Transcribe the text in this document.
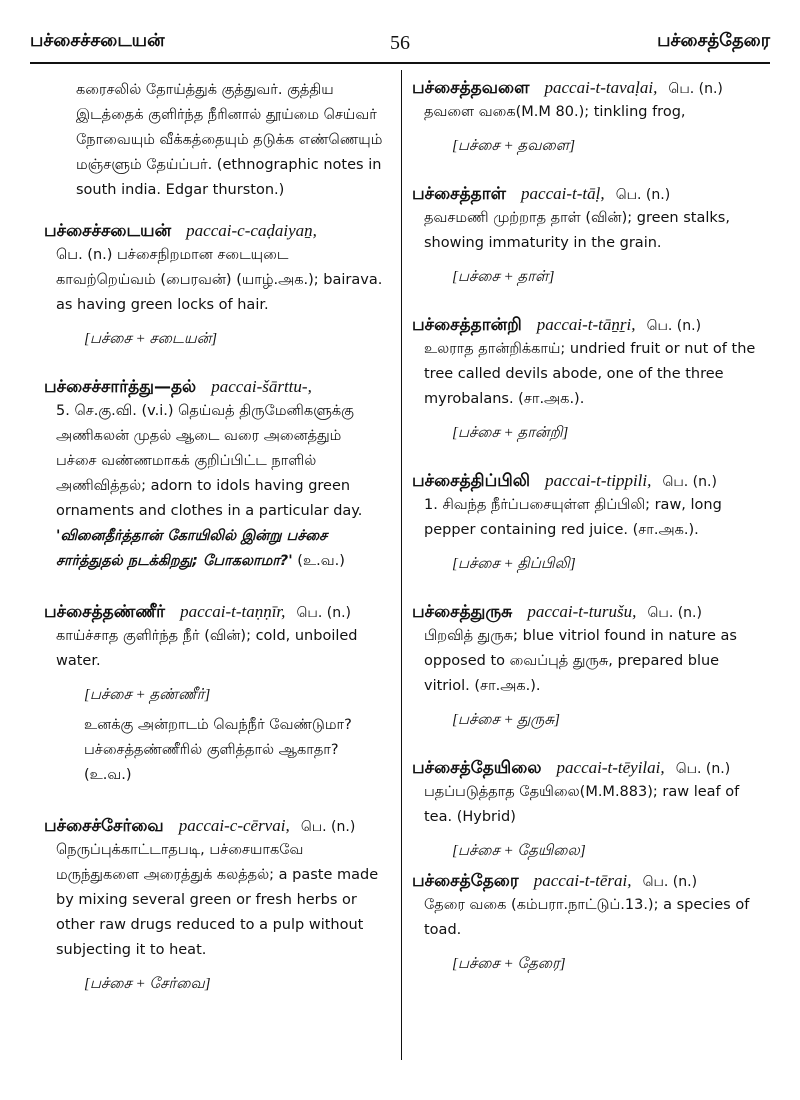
பச்சைச்சடையன்	56	பச்சைத்தேரை
கரைசலில் தோய்த்துக் குத்துவர். குத்திய இடத்தைக் குளிர்ந்த நீரினால் தூய்மை செய்வர் நோவையும் வீக்கத்தையும் தடுக்க எண்ணெயும் மஞ்சளும் தேய்ப்பர். (ethnographic notes in south india. Edgar thurston.)
பச்சைச்சடையன் paccai-c-caḍaiyaṉ,
பெ. (n.) பச்சைநிறமான சடையுடை காவற்றெய்வம் (பைரவன்) (யாழ்.அக.); bairava. as having green locks of hair.
[பச்சை + சடையன்]
பச்சைச்சார்த்து—தல் paccai-šārttu-,
5. செ.கு.வி. (v.i.) தெய்வத் திருமேனிகளுக்கு அணிகலன் முதல் ஆடை வரை அனைத்தும் பச்சை வண்ணமாகக் குறிப்பிட்ட நாளில் அணிவித்தல்; adorn to idols having green ornaments and clothes in a particular day.
'வினைதீர்த்தான் கோயிலில் இன்று பச்சை சார்த்துதல் நடக்கிறது; போகலாமா?' (உ.வ.)
பச்சைத்தண்ணீர் paccai-t-taṇṇīr, பெ. (n.)
காய்ச்சாத குளிர்ந்த நீர் (வின்); cold, unboiled water.
[பச்சை + தண்ணீர்]
உனக்கு அன்றாடம் வெந்நீர் வேண்டுமா? பச்சைத்தண்ணீரில் குளித்தால் ஆகாதா? (உ.வ.)
பச்சைச்சேர்வை paccai-c-cērvai, பெ. (n.)
நெருப்புக்காட்டாதபடி, பச்சையாகவே மருந்துகளை அரைத்துக் கலத்தல்; a paste made by mixing several green or fresh herbs or other raw drugs reduced to a pulp without subjecting it to heat.
[பச்சை + சேர்வை]
பச்சைத்தவளை paccai-t-tavaḷai, பெ. (n.)
தவளை வகை(M.M 80.); tinkling frog,
[பச்சை + தவளை]
பச்சைத்தாள் paccai-t-tāḷ, பெ. (n.)
தவசமணி முற்றாத தாள் (வின்); green stalks, showing immaturity in the grain.
[பச்சை + தாள்]
பச்சைத்தான்றி paccai-t-tāṉṟi, பெ. (n.)
உலராத தான்றிக்காய்; undried fruit or nut of the tree called devils abode, one of the three myrobalans. (சா.அக.).
[பச்சை + தான்றி]
பச்சைத்திப்பிலி paccai-t-tippili, பெ. (n.)
1. சிவந்த நீர்ப்பசையுள்ள திப்பிலி; raw, long pepper containing red juice. (சா.அக.).
[பச்சை + திப்பிலி]
பச்சைத்துருசு paccai-t-turušu, பெ. (n.)
பிறவித் துருசு; blue vitriol found in nature as opposed to வைப்புத் துருசு, prepared blue vitriol. (சா.அக.).
[பச்சை + துருசு]
பச்சைத்தேயிலை paccai-t-tēyilai, பெ. (n.)
பதப்படுத்தாத தேயிலை(M.M.883); raw leaf of tea. (Hybrid)
[பச்சை + தேயிலை]
பச்சைத்தேரை paccai-t-tērai, பெ. (n.)
தேரை வகை (கம்பரா.நாட்டுப்.13.); a species of toad.
[பச்சை + தேரை]
